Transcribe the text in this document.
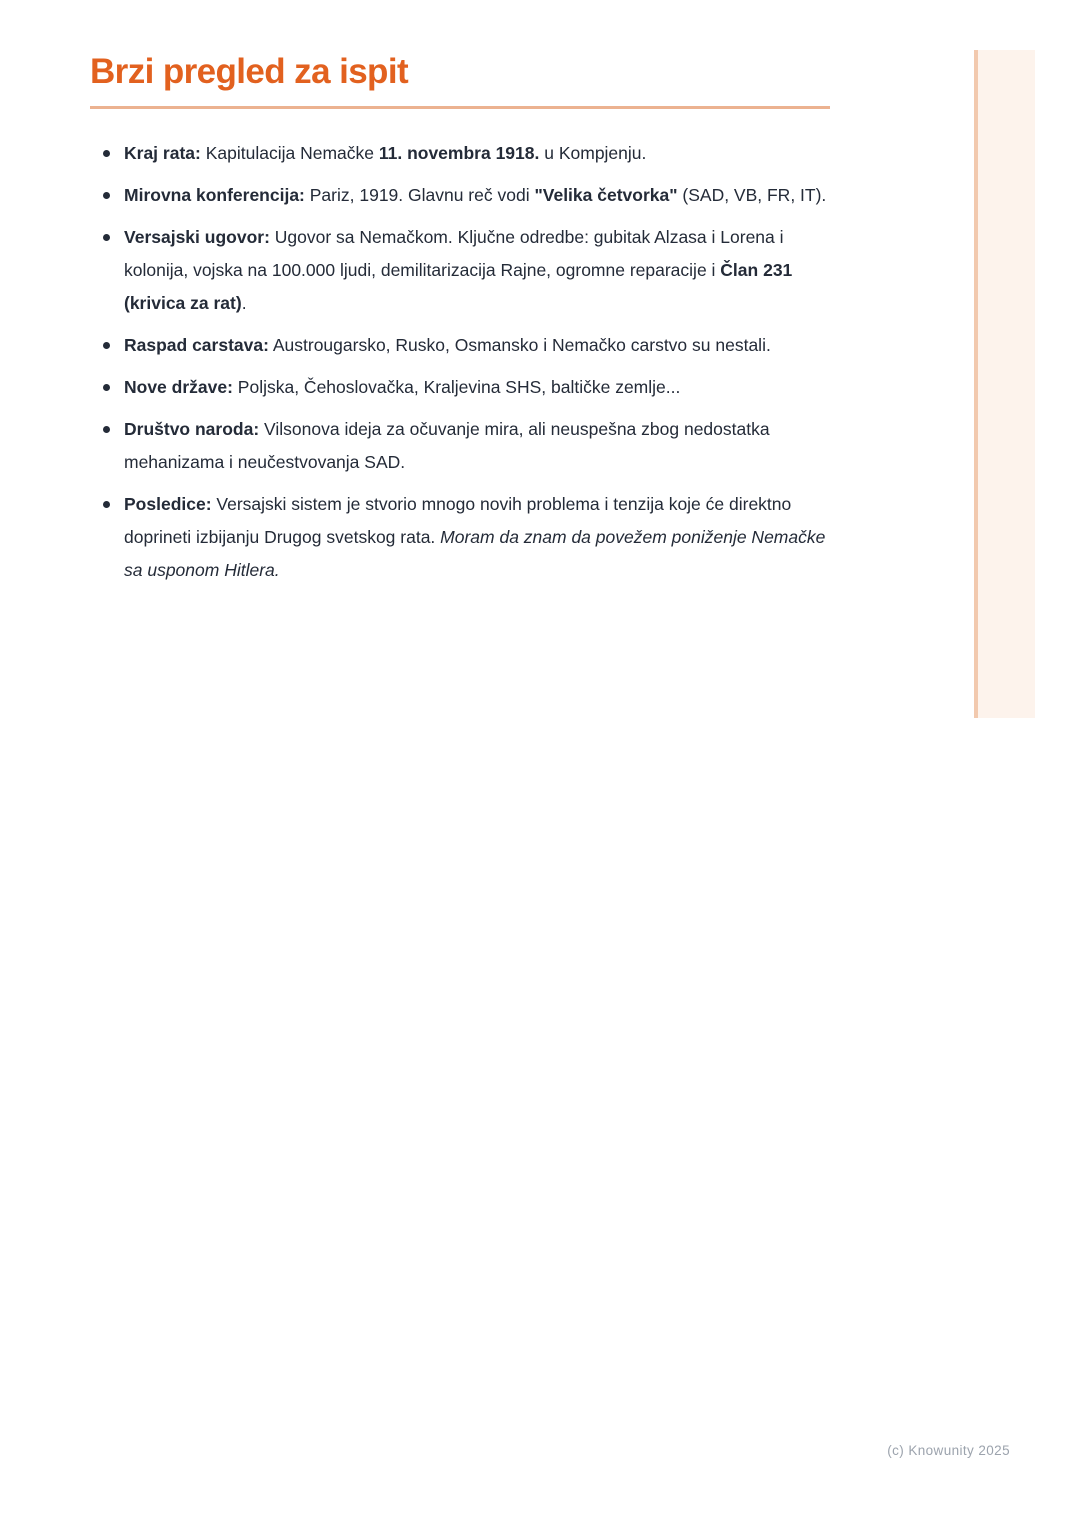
Brzi pregled za ispit
Kraj rata: Kapitulacija Nemačke 11. novembra 1918. u Kompjenju.
Mirovna konferencija: Pariz, 1919. Glavnu reč vodi "Velika četvorka" (SAD, VB, FR, IT).
Versajski ugovor: Ugovor sa Nemačkom. Ključne odredbe: gubitak Alzasa i Lorena i kolonija, vojska na 100.000 ljudi, demilitarizacija Rajne, ogromne reparacije i Član 231 (krivica za rat).
Raspad carstava: Austrougarsko, Rusko, Osmansko i Nemačko carstvo su nestali.
Nove države: Poljska, Čehoslovačka, Kraljevina SHS, baltičke zemlje...
Društvo naroda: Vilsonova ideja za očuvanje mira, ali neuspešna zbog nedostatka mehanizama i neučestvovanja SAD.
Posledice: Versajski sistem je stvorio mnogo novih problema i tenzija koje će direktno doprineti izbijanju Drugog svetskog rata. Moram da znam da povežem poniženje Nemačke sa usponom Hitlera.
(c) Knowunity 2025
